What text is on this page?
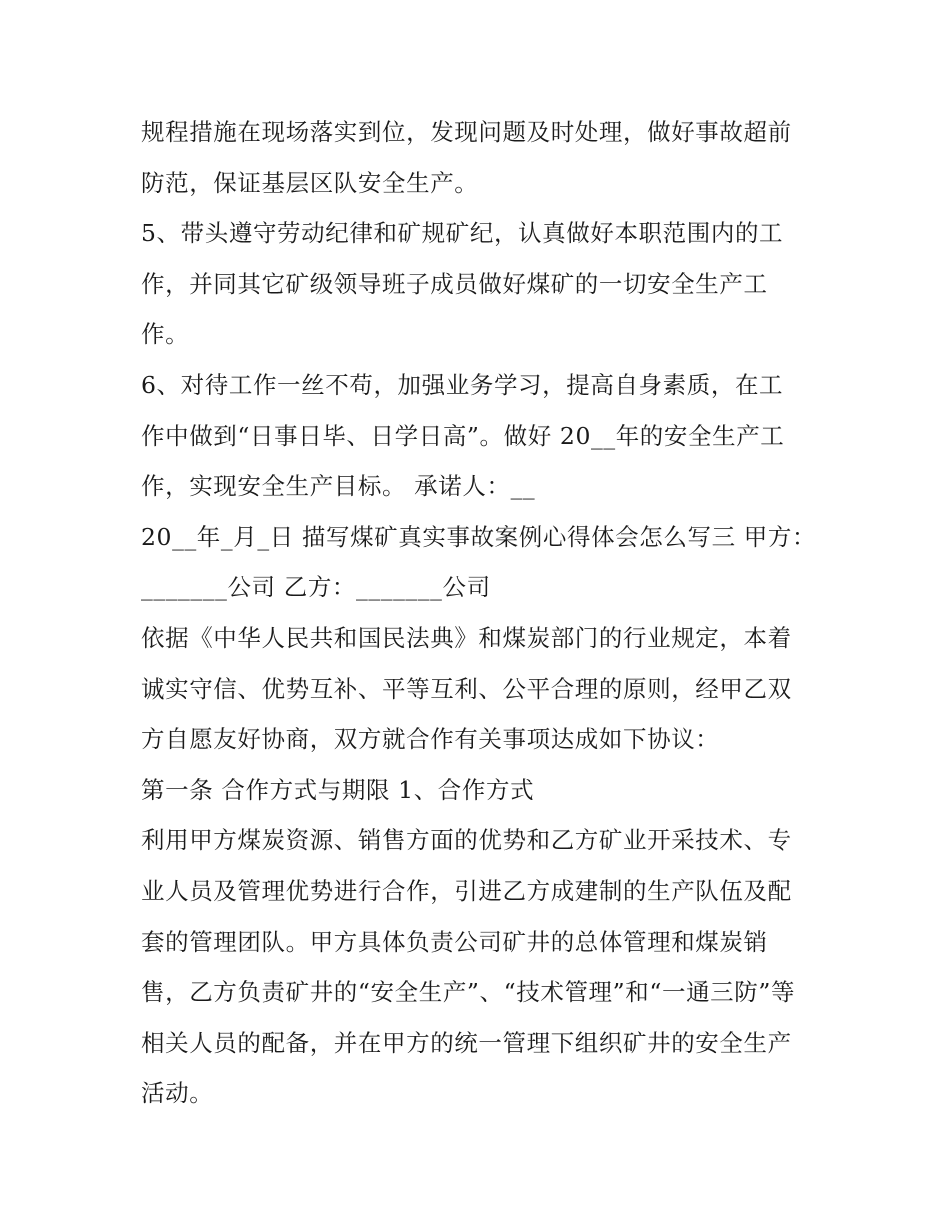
规程措施在现场落实到位，发现问题及时处理，做好事故超前
防范，保证基层区队安全生产。
5、带头遵守劳动纪律和矿规矿纪，认真做好本职范围内的工
作，并同其它矿级领导班子成员做好煤矿的一切安全生产工
作。
6、对待工作一丝不苟，加强业务学习，提高自身素质，在工
作中做到“日事日毕、日学日高”。做好 20__年的安全生产工
作，实现安全生产目标。 承诺人：__
20__年_月_日 描写煤矿真实事故案例心得体会怎么写三 甲方：
_______公司 乙方：_______公司
依据《中华人民共和国民法典》和煤炭部门的行业规定，本着
诚实守信、优势互补、平等互利、公平合理的原则，经甲乙双
方自愿友好协商，双方就合作有关事项达成如下协议：
第一条 合作方式与期限 1、合作方式
利用甲方煤炭资源、销售方面的优势和乙方矿业开采技术、专
业人员及管理优势进行合作，引进乙方成建制的生产队伍及配
套的管理团队。甲方具体负责公司矿井的总体管理和煤炭销
售，乙方负责矿井的“安全生产”、“技术管理”和“一通三防”等
相关人员的配备，并在甲方的统一管理下组织矿井的安全生产
活动。
